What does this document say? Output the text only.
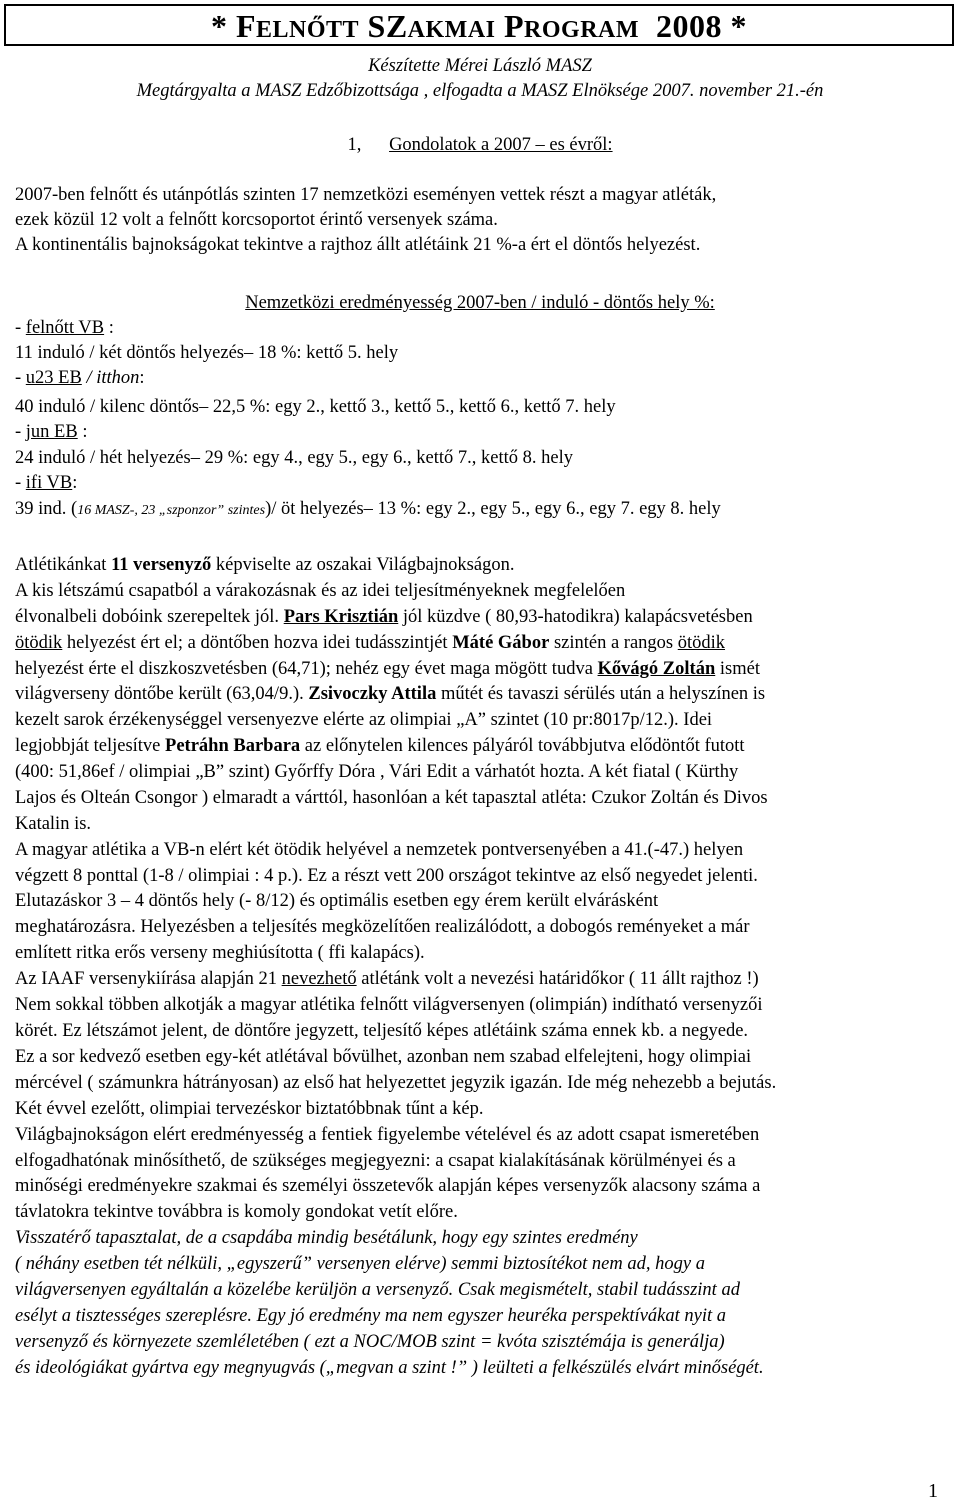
* FELNŐTT SZAKMAI PROGRAM 2008 *
Készítette Mérei László MASZ
Megtárgyalta a MASZ Edzőbizottsága , elfogadta a MASZ Elnöksége 2007. november 21.-én
1, Gondolatok a 2007 – es évről:
2007-ben felnőtt és utánpótlás szinten 17 nemzetközi eseményen vettek részt a magyar atléták,
ezek közül 12 volt a felnőtt korcsoportot érintő versenyek száma.
A kontinentális bajnokságokat tekintve a rajthoz állt atlétáink 21 %-a ért el döntős helyezést.
Nemzetközi eredményesség 2007-ben / induló - döntős hely %:
- felnőtt VB :
11 induló / két döntős helyezés– 18 %: kettő 5. hely
- u23 EB / itthon:
40 induló / kilenc döntős– 22,5 %: egy 2., kettő 3., kettő 5., kettő 6., kettő 7. hely
- jun EB :
24 induló / hét helyezés– 29 %: egy 4., egy 5., egy 6., kettő 7., kettő 8. hely
- ifi VB:
39 ind. (16 MASZ-, 23 „szponzor” szintes)/ öt helyezés– 13 %: egy 2., egy 5., egy 6., egy 7. egy 8. hely
Atlétikánkat 11 versenyző képviselte az oszakai Világbajnokságon.
A kis létszámú csapatból a várakozásnak és az idei teljesítményeknek megfelelően
élvonalbeli dobóink szerepeltek jól. Pars Krisztián jól küzdve ( 80,93-hatodikra) kalapácsvetésben
ötödik helyezést ért el; a döntőben hozva idei tudásszintjét Máté Gábor szintén a rangos ötödik
helyezést érte el diszkoszvetésben (64,71); nehéz egy évet maga mögött tudva Kővágó Zoltán ismét
világverseny döntőbe került (63,04/9.). Zsivoczky Attila műtét és tavaszi sérülés után a helyszínen is
kezelt sarok érzékenységgel versenyezve elérte az olimpiai „A” szintet (10 pr:8017p/12.). Idei
legjobbját teljesítve Petráhn Barbara az előnytelen kilences pályáról továbbjutva elődöntőt futott
(400: 51,86ef / olimpiai „B” szint) Győrffy Dóra , Vári Edit a várhatót hozta. A két fiatal ( Kürthy
Lajos és Olteán Csongor ) elmaradt a várttól, hasonlóan a két tapasztal atléta: Czukor Zoltán és Divos
Katalin is.
A magyar atlétika a VB-n elért két ötödik helyével a nemzetek pontversenyében a 41.(-47.) helyen
végzett 8 ponttal (1-8 / olimpiai : 4 p.). Ez a részt vett 200 országot tekintve az első negyedet jelenti.
Elutazáskor 3 – 4 döntős hely (- 8/12) és optimális esetben egy érem került elvárásként
meghatározásra. Helyezésben a teljesítés megközelítően realizálódott, a dobogós reményeket a már
említett ritka erős verseny meghiúsította ( ffi kalapács).
Az IAAF versenykiírása alapján 21 nevezhető atlétánk volt a nevezési határidőkor ( 11 állt rajthoz !)
Nem sokkal többen alkotják a magyar atlétika felnőtt világversenyen (olimpián) indítható versenyzői
körét. Ez létszámot jelent, de döntőre jegyzett, teljesítő képes atlétáink száma ennek kb. a negyede.
Ez a sor kedvező esetben egy-két atlétával bővülhet, azonban nem szabad elfelejteni, hogy olimpiai
mércével ( számunkra hátrányosan) az első hat helyezettet jegyzik igazán. Ide még nehezebb a bejutás.
Két évvel ezelőtt, olimpiai tervezéskor biztatóbbnak tűnt a kép.
Világbajnokságon elért eredményesség a fentiek figyelembe vételével és az adott csapat ismeretében
elfogadhatónak minősíthető, de szükséges megjegyezni: a csapat kialakításának körülményei és a
minőségi eredményekre szakmai és személyi összetevők alapján képes versenyzők alacsony száma a
távlatokra tekintve továbbra is komoly gondokat vetít előre.
Visszatérő tapasztalat, de a csapdába mindig besétálunk, hogy egy szintes eredmény
( néhány esetben tét nélküli, „egyszerű” versenyen elérve) semmi biztosítékot nem ad, hogy a
világversenyen egyáltalán a közelébe kerüljön a versenyző. Csak megismételt, stabil tudásszint ad
esélyt a tisztességes szereplésre. Egy jó eredmény ma nem egyszer heuréka perspektívákat nyit a
versenyző és környezete szemléletében ( ezt a NOC/MOB szint = kvóta szisztémája is generálja)
és ideológiákat gyártva egy megnyugvás („megvan a szint !” ) leülteti a felkészülés elvárt minőségét.
1
